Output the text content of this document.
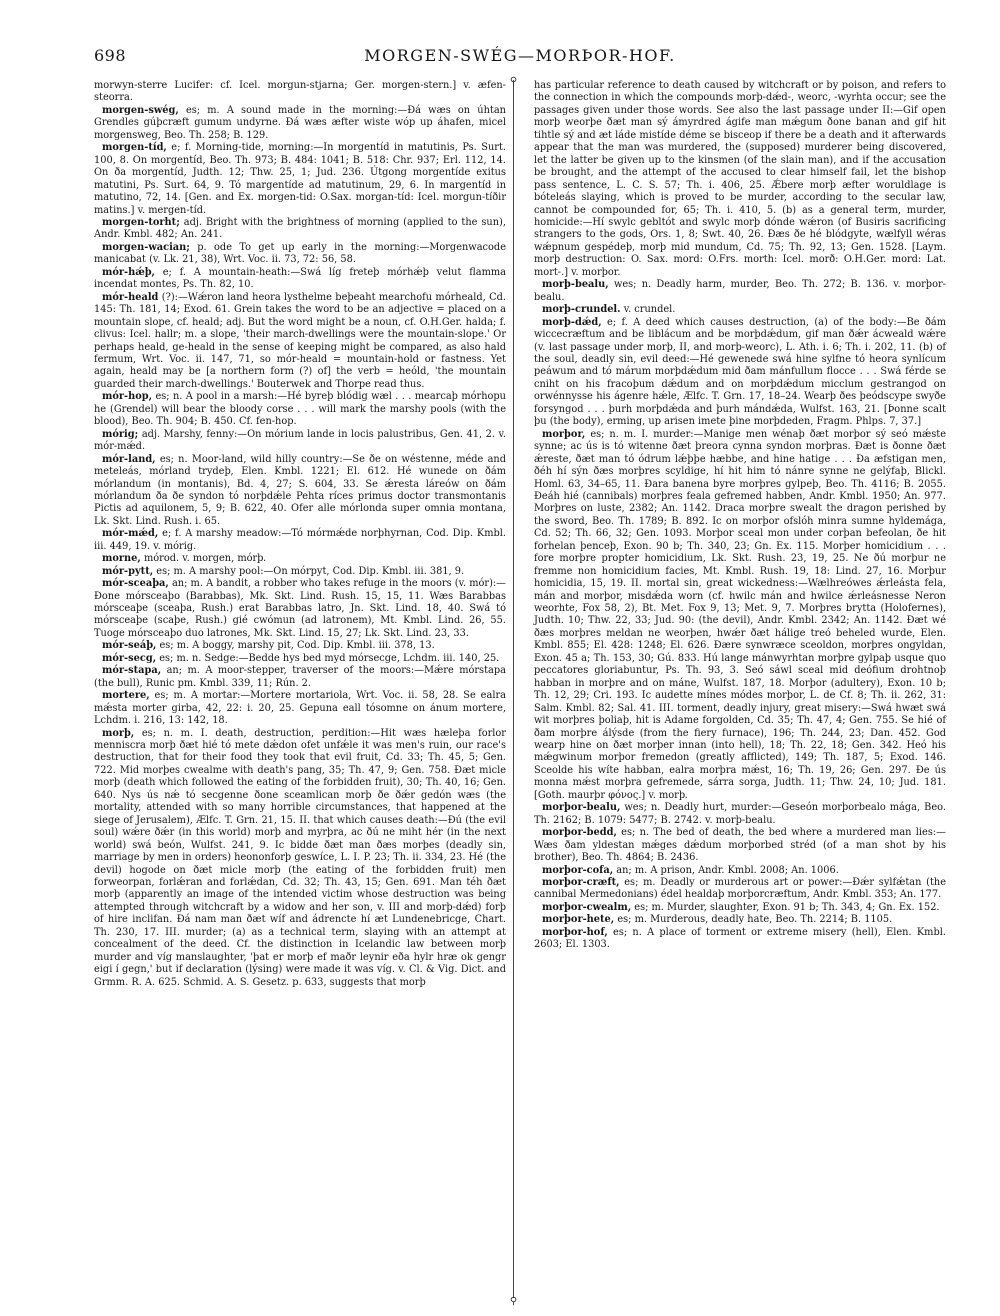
698	MORGEN-SWÉG—MORÞOR-HOF.

morwyn-sterre Lucifer: cf. Icel. morgun-stjarna; Ger. morgen-stern.] v. æfen-steorra.

morgen-swég, es; m. A sound made in the morning:—Ðá wæs on úhtan Grendles gúþcræft gumum undyrne. Ðá wæs æfter wiste wóp up áhafen, micel morgensweg, Beo. Th. 258; B. 129.

morgen-tíd, e; f. Morning-tide, morning:—In morgentíd in matutinis, Ps. Surt. 100, 8. On morgentíd, Beo. Th. 973; B. 484: 1041; B. 518: Chr. 937; Erl. 112, 14. On ða morgentíd, Judth. 12; Thw. 25, 1; Jud. 236. Útgong morgentíde exitus matutini, Ps. Surt. 64, 9. Tó margentíde ad matutinum, 29, 6. In margentíd in matutino, 72, 14. [Gen. and Ex. morgen-tid: O.Sax. morgan-tíd: Icel. morgun-tíðir matins.] v. mergen-tíd.

morgen-torht; adj. Bright with the brightness of morning (applied to the sun), Andr. Kmbl. 482; An. 241.

morgen-wacian; p. ode To get up early in the morning:—Morgenwacode manicabat (v. Lk. 21, 38), Wrt. Voc. ii. 73, 72: 56, 58.

mór-hǽþ, e; f. A mountain-heath:—Swá líg freteþ mórhǽþ velut flamma incendat montes, Ps. Th. 82, 10.

mór-heald (?):—Wǽron land heora lysthelme beþeaht mearchofu mórheald, Cd. 145: Th. 181, 14; Exod. 61. Grein takes the word to be an adjective = placed on a mountain slope, cf. heald; adj. But the word might be a noun, cf. O.H.Ger. halda; f. clivus: Icel. hallr; m. a slope, 'their march-dwellings were the mountain-slope.' Or perhaps heald, ge-heald in the sense of keeping might be compared, as also hald fermum, Wrt. Voc. ii. 147, 71, so mór-heald = mountain-hold or fastness. Yet again, heald may be [a northern form (?) of] the verb = heóld, 'the mountain guarded their march-dwellings.' Bouterwek and Thorpe read thus.

mór-hop, es; n. A pool in a marsh:—Hé byreþ blódig wæl . . . mearcaþ mórhopu he (Grendel) will bear the bloody corse . . . will mark the marshy pools (with the blood), Beo. Th. 904; B. 450. Cf. fen-hop.

mórig; adj. Marshy, fenny:—On mórium lande in locis palustribus, Gen. 41, 2. v. mór-mǽd.

mór-land, es; n. Moor-land, wild hilly country:—Se ðe on wéstenne, méde and meteleás, mórland trydeþ, Elen. Kmbl. 1221; El. 612. Hé wunede on ðám mórlandum (in montanis), Bd. 4, 27; S. 604, 33. Se ǽresta láreów on ðám mórlandum ða ðe syndon tó norþdǽle Pehta ríces primus doctor transmontanis Pictis ad aquilonem, 5, 9; B. 622, 40. Ofer alle mórlonda super omnia montana, Lk. Skt. Lind. Rush. i. 65.

mór-mǽd, e; f. A marshy meadow:—Tó mórmǽde norþhyrnan, Cod. Dip. Kmbl. iii. 449, 19. v. mórig.

morne, mórod. v. morgen, mórþ.

mór-pytt, es; m. A marshy pool:—On mórpyt, Cod. Dip. Kmbl. iii. 381, 9.

mór-sceaþa, an; m. A bandit, a robber who takes refuge in the moors (v. mór):—Ðone mórsceaþo (Barabbas), Mk. Skt. Lind. Rush. 15, 15, 11. Wæs Barabbas mórsceaþe (sceaþa, Rush.) erat Barabbas latro, Jn. Skt. Lind. 18, 40. Swá tó mórsceaþe (scaþe, Rush.) gié cwómun (ad latronem), Mt. Kmbl. Lind. 26, 55. Tuoge mórsceaþo duo latrones, Mk. Skt. Lind. 15, 27; Lk. Skt. Lind. 23, 33.

mór-seáþ, es; m. A boggy, marshy pit, Cod. Dip. Kmbl. iii. 378, 13.

mór-secg, es; m. n. Sedge:—Bedde hys bed myd mórsecge, Lchdm. iii. 140, 25.

mór-stapa, an; m. A moor-stepper, traverser of the moors:—Mǽre mórstapa (the bull), Runic pm. Kmbl. 339, 11; Rún. 2.

mortere, es; m. A mortar:—Mortere mortariola, Wrt. Voc. ii. 58, 28. Se ealra mǽsta morter girba, 42, 22: i. 20, 25. Gepuna eall tósomne on ánum mortere, Lchdm. i. 216, 13: 142, 18.

morþ, es; n. m. I. death, destruction, perdition:—Hit wæs hæleþa forlor menniscra morþ ðæt hié tó mete dǽdon ofet unfǽle it was men's ruin, our race's destruction, that for their food they took that evil fruit, Cd. 33; Th. 45, 5; Gen. 722. Mid morþes cwealme with death's pang, 35; Th. 47, 9; Gen. 758. Ðæt micle morþ (death which followed the eating of the forbidden fruit), 30; Th. 40, 16; Gen. 640. Nys ús nǽ tó secgenne ðone sceamlican morþ ðe ðǽr gedón wæs (the mortality, attended with so many horrible circumstances, that happened at the siege of Jerusalem), Ælfc. T. Grn. 21, 15. II. that which causes death:—Ðú (the evil soul) wǽre ðǽr (in this world) morþ and myrþra, ac ðú ne miht hér (in the next world) swá beón, Wulfst. 241, 9. Ic bidde ðæt man ðæs morþes (deadly sin, marriage by men in orders) heononforþ geswíce, L. I. P. 23; Th. ii. 334, 23. Hé (the devil) hogode on ðæt micle morþ (the eating of the forbidden fruit) men forweorpan, forlǽran and forlǽdan, Cd. 32; Th. 43, 15; Gen. 691. Man téh ðæt morþ (apparently an image of the intended victim whose destruction was being attempted through witchcraft by a widow and her son, v. III and morþ-dǽd) forþ of hire inclifan. Ðá nam man ðæt wíf and ádrencte hí æt Lundenebricge, Chart. Th. 230, 17. III. murder; (a) as a technical term, slaying with an attempt at concealment of the deed. Cf. the distinction in Icelandic law between morþ murder and víg manslaughter, 'þat er morþ ef maðr leynir eða hylr hræ ok gengr eigi í gegn,' but if declaration (lýsing) were made it was víg. v. Cl. & Vig. Dict. and Grmm. R. A. 625. Schmid. A. S. Gesetz. p. 633, suggests that morþ

⚲
⚲

has particular reference to death caused by witchcraft or by poison, and refers to the connection in which the compounds morþ-dǽd-, weorc, -wyrhta occur; see the passages given under those words. See also the last passage under II:—Gif open morþ weorþe ðæt man sý ámyrdred ágife man mǽgum ðone banan and gif hit tihtle sý and æt láde mistíde déme se bisceop if there be a death and it afterwards appear that the man was murdered, the (supposed) murderer being discovered, let the latter be given up to the kinsmen (of the slain man), and if the accusation be brought, and the attempt of the accused to clear himself fail, let the bishop pass sentence, L. C. S. 57; Th. i. 406, 25. Ǽbere morþ æfter woruldlage is bóteleás slaying, which is proved to be murder, according to the secular law, cannot be compounded for, 65; Th. i. 410, 5. (b) as a general term, murder, homicide:—Hí swylc gebltót and swylc morþ dónde wǽron (of Busiris sacrificing strangers to the gods, Ors. 1, 8; Swt. 40, 26. Ðæs ðe hé blódgyte, wælfyll wéras wǽpnum gespédeþ, morþ mid mundum, Cd. 75; Th. 92, 13; Gen. 1528. [Laym. morþ destruction: O. Sax. mord: O.Frs. morth: Icel. morð: O.H.Ger. mord: Lat. mort-.] v. morþor.

morþ-bealu, wes; n. Deadly harm, murder, Beo. Th. 272; B. 136. v. morþor-bealu.

morþ-crundel. v. crundel.

morþ-dǽd, e; f. A deed which causes destruction, (a) of the body:—Be ðám wiccecræftum and be liblácum and be morþdǽdum, gif man ðǽr ácweald wǽre (v. last passage under morþ, II, and morþ-weorc), L. Ath. i. 6; Th. i. 202, 11. (b) of the soul, deadly sin, evil deed:—Hé gewenede swá hine sylfne tó heora synlícum peáwum and tó márum morþdǽdum mid ðam mánfullum flocce . . . Swá férde se cniht on his fracoþum dǽdum and on morþdǽdum micclum gestrangod on orwénnysse his ágenre hǽle, Ælfc. T. Grn. 17, 18–24. Wearþ ðes þeódscype swyðe forsyngod . . . þurh morþdǽda and þurh mándǽda, Wulfst. 163, 21. [Þonne scalt þu (the body), erming, up arisen imete þine morþdeden, Fragm. Phlps. 7, 37.]

morþor, es; n. m. I. murder:—Manige men wénaþ ðæt morþor sý seó mǽste synne; ac ús is tó witenne ðæt þreora cynna syndon morþras. Ðæt is ðonne ðæt ǽreste, ðæt man tó ódrum lǽþþe hæbbe, and hine hatige . . . Ða æfstigan men, ðéh hí sýn ðæs morþres scyldige, hí hit him tó nánre synne ne gelýfaþ, Blickl. Homl. 63, 34–65, 11. Ðara banena byre morþres gylpeþ, Beo. Th. 4116; B. 2055. Ðeáh hié (cannibals) morþres feala gefremed habben, Andr. Kmbl. 1950; An. 977. Morþres on luste, 2382; An. 1142. Draca morþre swealt the dragon perished by the sword, Beo. Th. 1789; B. 892. Ic on morþor ofslóh minra sumne hyldemága, Cd. 52; Th. 66, 32; Gen. 1093. Morþor sceal mon under corþan befeolan, ðe hit forhelan þenceþ, Exon. 90 b; Th. 340, 23; Gn. Ex. 115. Morþer homicidium . . . fore morþre propter homicidium, Lk. Skt. Rush. 23, 19, 25. Ne ðú morþur ne fremme non homicidium facies, Mt. Kmbl. Rush. 19, 18: Lind. 27, 16. Morþur homicidia, 15, 19. II. mortal sin, great wickedness:—Wælhreówes ǽrleásta fela, mán and morþor, misdǽda worn (cf. hwilc mán and hwilce ǽrleásnesse Neron weorhte, Fox 58, 2), Bt. Met. Fox 9, 13; Met. 9, 7. Morþres brytta (Holofernes), Judth. 10; Thw. 22, 33; Jud. 90: (the devil), Andr. Kmbl. 2342; An. 1142. Ðæt wé ðæs morþres meldan ne weorþen, hwǽr ðæt hálige treó beheled wurde, Elen. Kmbl. 855; El. 428: 1248; El. 626. Ðære synwræce sceoldon, morþres ongyldan, Exon. 45 a; Th. 153, 30; Gú. 833. Hú lange mánwyrhtan morþre gylpaþ usque quo peccatores gloriabuntur, Ps. Th. 93, 3. Seó sáwl sceal mid deófium drohtnoþ habban in morþre and on máne, Wulfst. 187, 18. Morþor (adultery), Exon. 10 b; Th. 12, 29; Cri. 193. Ic audette mínes módes morþor, L. de Cf. 8; Th. ii. 262, 31: Salm. Kmbl. 82; Sal. 41. III. torment, deadly injury, great misery:—Swá hwæt swá wit morþres þoliaþ, hit is Adame forgolden, Cd. 35; Th. 47, 4; Gen. 755. Se hié of ðam morþre álýsde (from the fiery furnace), 196; Th. 244, 23; Dan. 452. God wearp hine on ðæt morþer innan (into hell), 18; Th. 22, 18; Gen. 342. Heó his mǽgwinum morþor fremedon (greatly afflicted), 149; Th. 187, 5; Exod. 146. Sceolde his wíte habban, ealra morþra mǽst, 16; Th. 19, 26; Gen. 297. Ðe ús monna mǽst morþra gefremede, sárra sorga, Judth. 11; Thw. 24, 10; Jud. 181. [Goth. maurþr φόνος.] v. morþ.

morþor-bealu, wes; n. Deadly hurt, murder:—Geseón morþorbealo mága, Beo. Th. 2162; B. 1079: 5477; B. 2742. v. morþ-bealu.

morþor-bedd, es; n. The bed of death, the bed where a murdered man lies:—Wæs ðam yldestan mǽges dǽdum morþorbed stréd (of a man shot by his brother), Beo. Th. 4864; B. 2436.

morþor-cofa, an; m. A prison, Andr. Kmbl. 2008; An. 1006.

morþor-cræft, es; m. Deadly or murderous art or power:—Ðǽr sylfǽtan (the cannibal Mermedonians) édel healdaþ morþorcræftum, Andr. Kmbl. 353; An. 177.

morþor-cwealm, es; m. Murder, slaughter, Exon. 91 b; Th. 343, 4; Gn. Ex. 152.

morþor-hete, es; m. Murderous, deadly hate, Beo. Th. 2214; B. 1105.

morþor-hof, es; n. A place of torment or extreme misery (hell), Elen. Kmbl. 2603; El. 1303.
